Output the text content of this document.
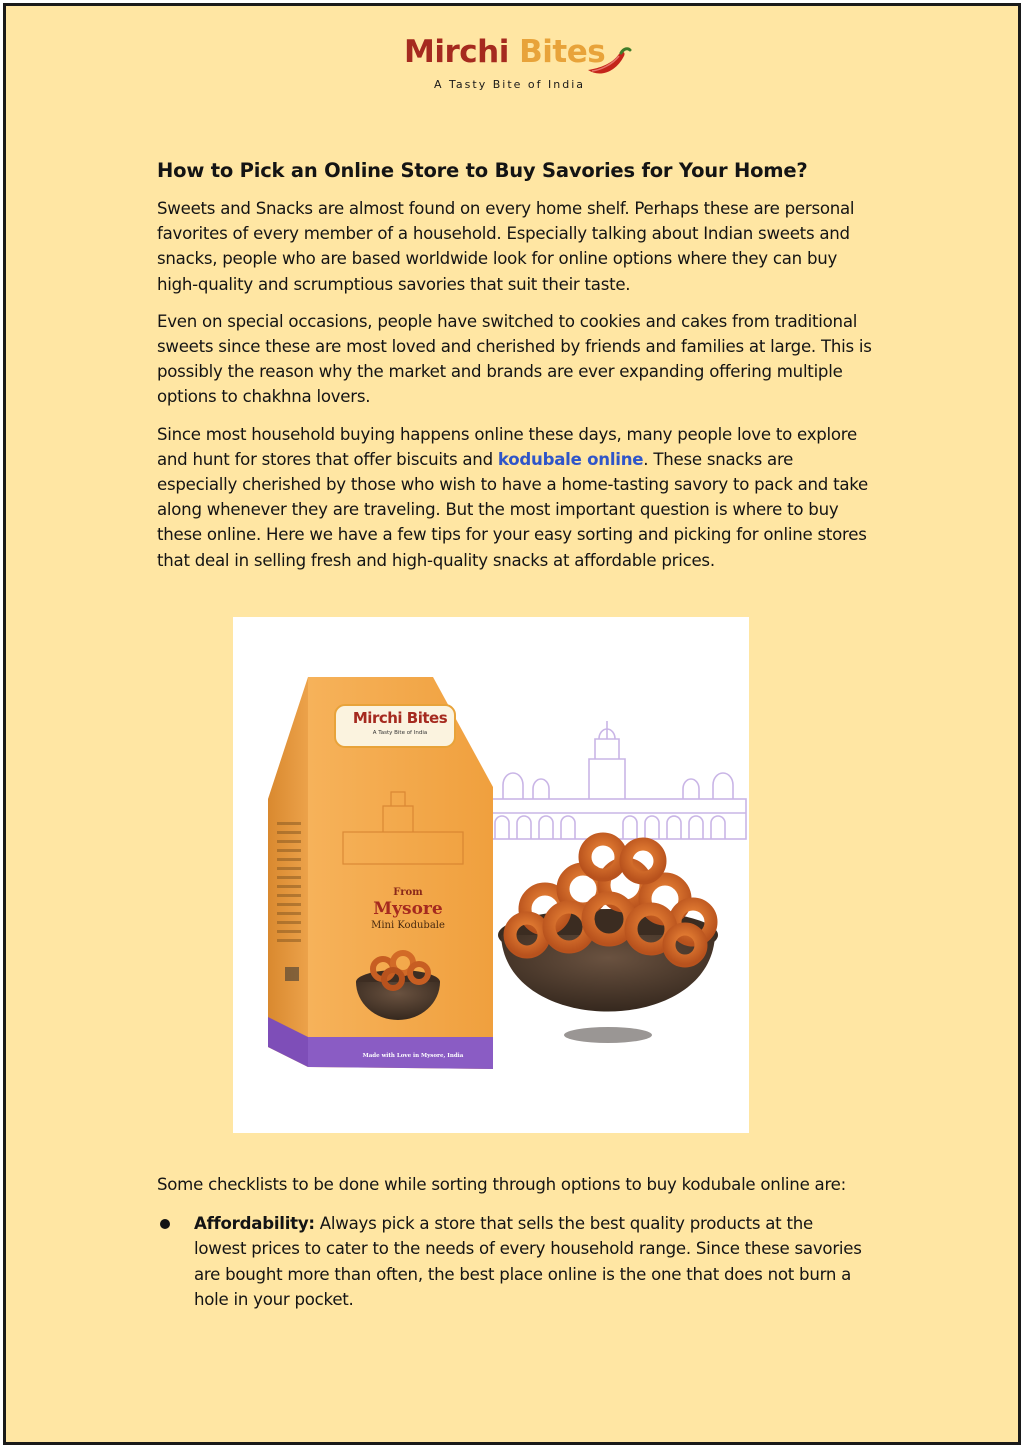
Mirchi Bites
A Tasty Bite of India
How to Pick an Online Store to Buy Savories for Your Home?

Sweets and Snacks are almost found on every home shelf. Perhaps these are personal favorites of every member of a household. Especially talking about Indian sweets and snacks, people who are based worldwide look for online options where they can buy high-quality and scrumptious savories that suit their taste.

Even on special occasions, people have switched to cookies and cakes from traditional sweets since these are most loved and cherished by friends and families at large. This is possibly the reason why the market and brands are ever expanding offering multiple options to chakhna lovers.

Since most household buying happens online these days, many people love to explore and hunt for stores that offer biscuits and kodubale online. These snacks are especially cherished by those who wish to have a home-tasting savory to pack and take along whenever they are traveling. But the most important question is where to buy these online. Here we have a few tips for your easy sorting and picking for online stores that deal in selling fresh and high-quality snacks at affordable prices.

Mirchi Bites
A Tasty Bite of India
From
Mysore
Mini Kodubale
Made with Love in Mysore, India
Some checklists to be done while sorting through options to buy kodubale online are:
Affordability: Always pick a store that sells the best quality products at the lowest prices to cater to the needs of every household range. Since these savories are bought more than often, the best place online is the one that does not burn a hole in your pocket.
